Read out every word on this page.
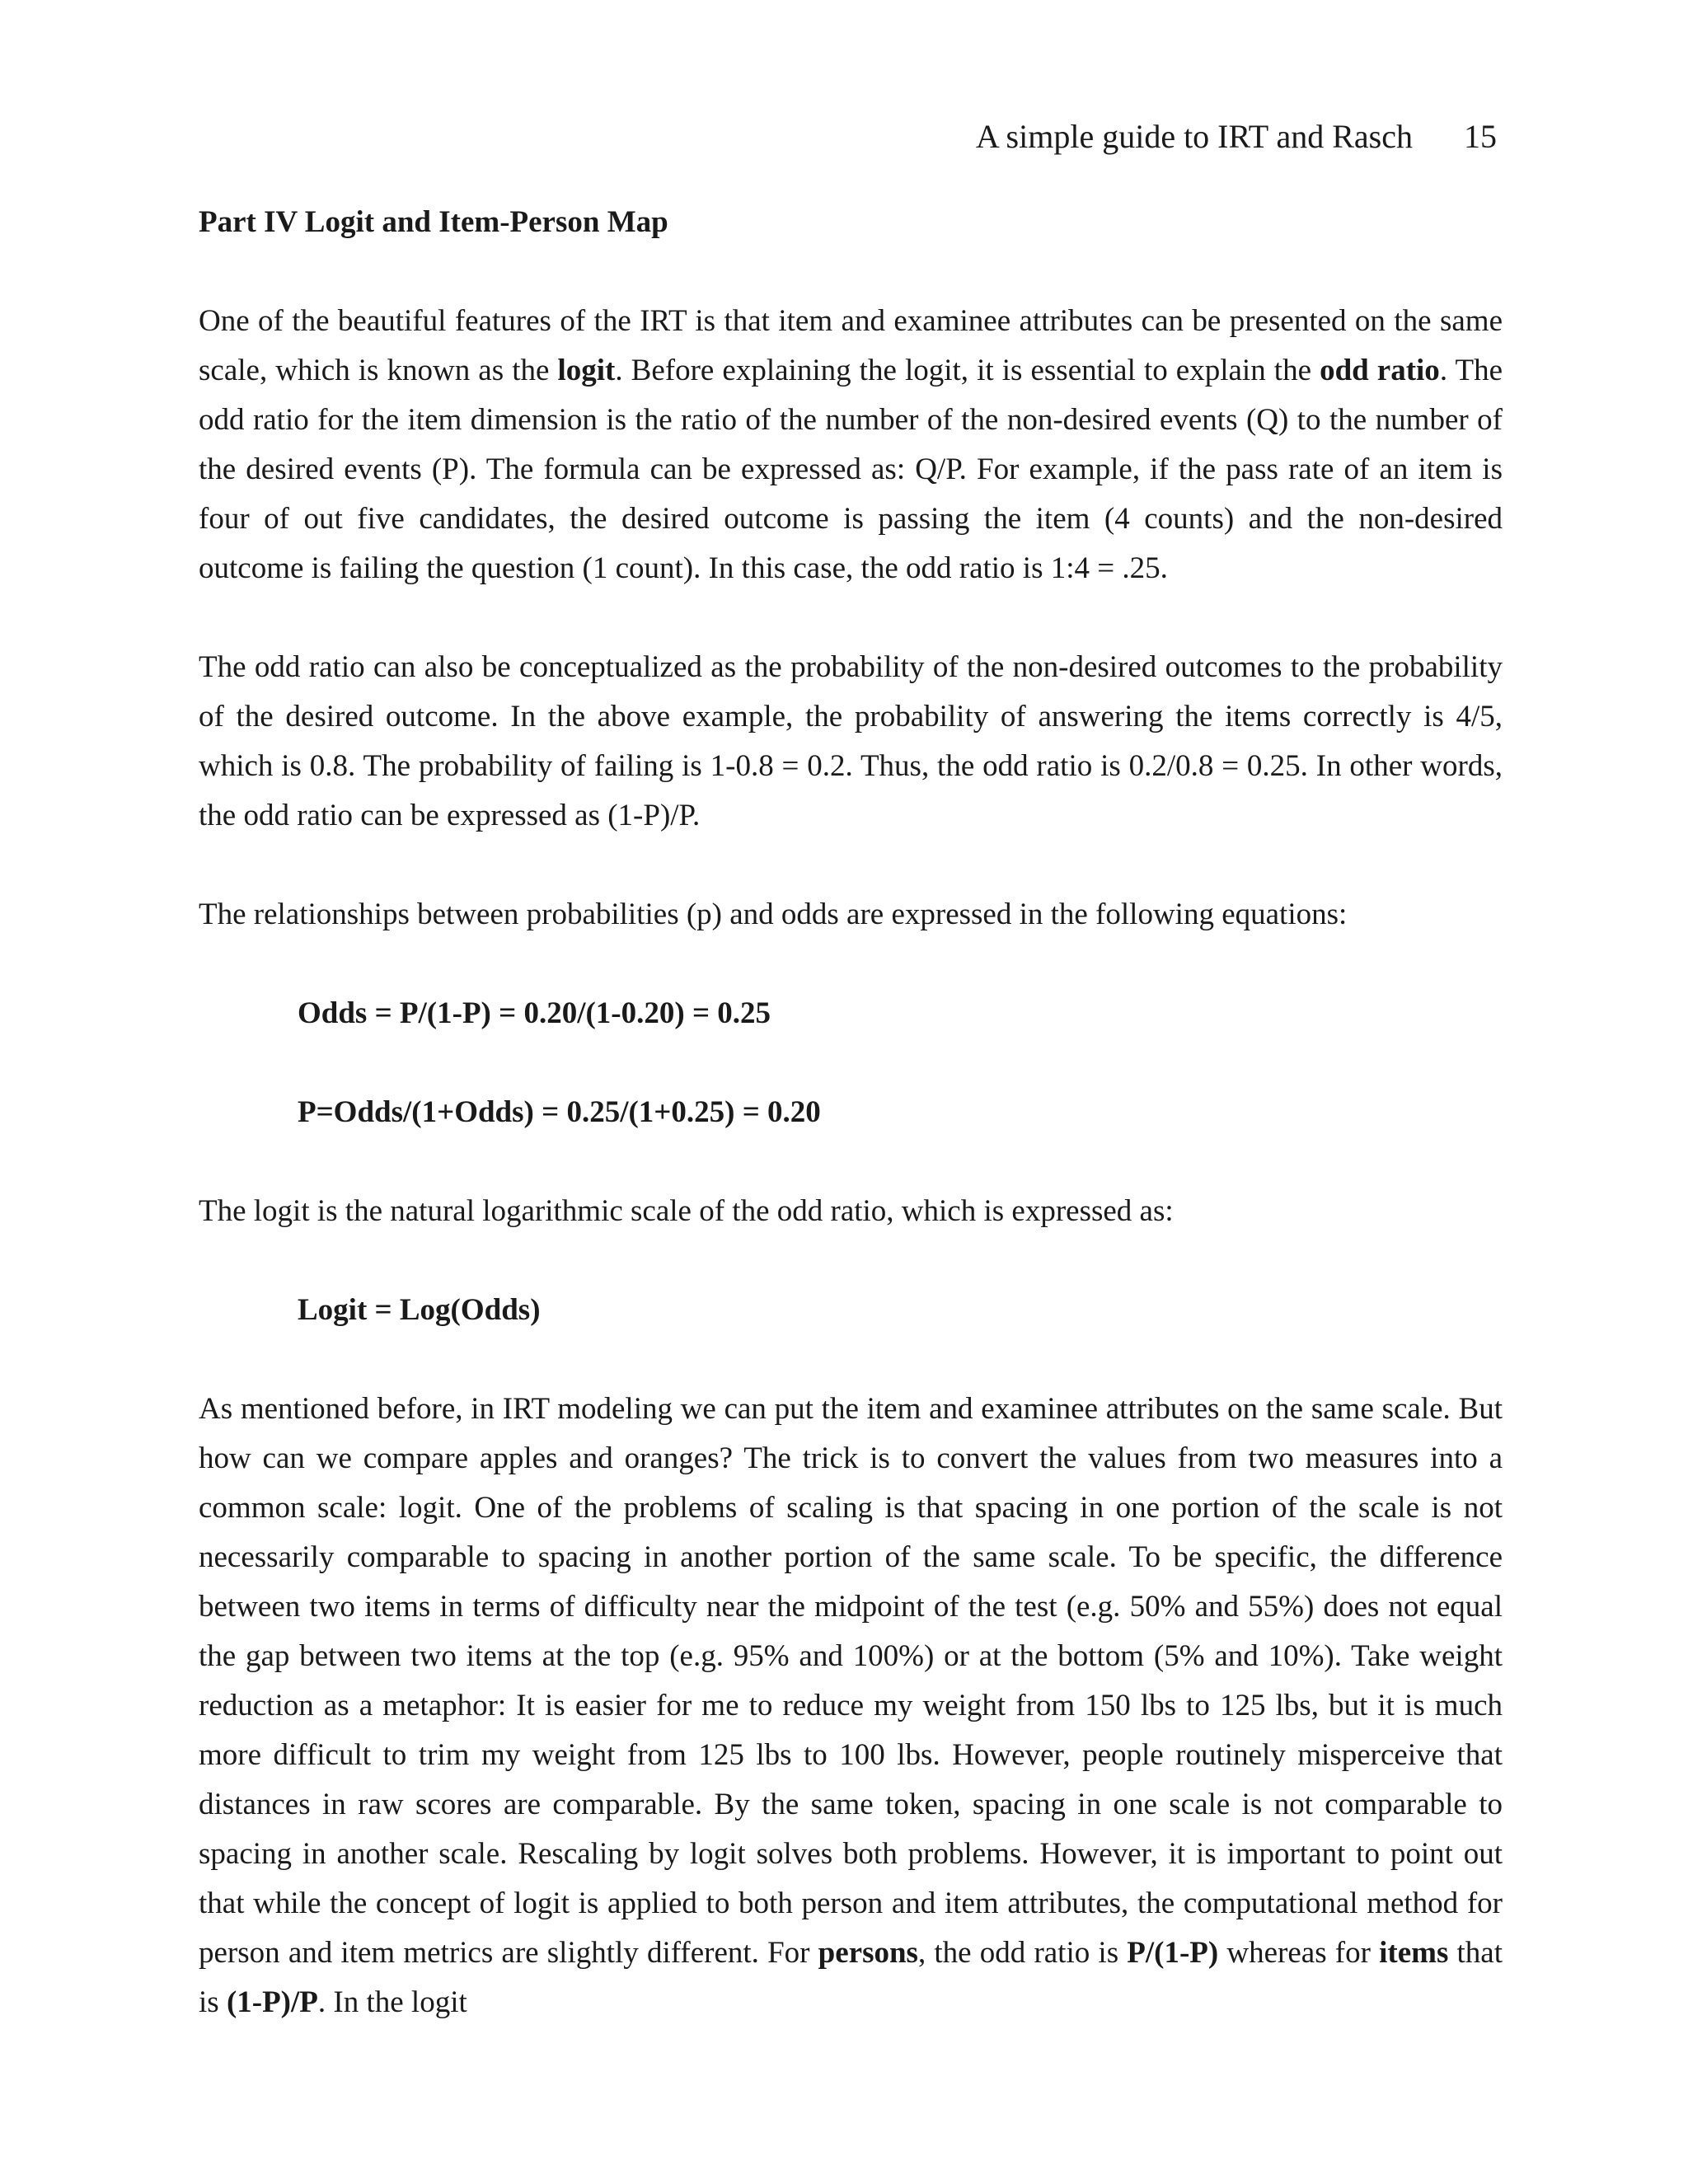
A simple guide to IRT and Rasch 15
Part IV Logit and Item-Person Map

One of the beautiful features of the IRT is that item and examinee attributes can be presented on the same scale, which is known as the logit. Before explaining the logit, it is essential to explain the odd ratio. The odd ratio for the item dimension is the ratio of the number of the non-desired events (Q) to the number of the desired events (P). The formula can be expressed as: Q/P. For example, if the pass rate of an item is four of out five candidates, the desired outcome is passing the item (4 counts) and the non-desired outcome is failing the question (1 count). In this case, the odd ratio is 1:4 = .25.

The odd ratio can also be conceptualized as the probability of the non-desired outcomes to the probability of the desired outcome. In the above example, the probability of answering the items correctly is 4/5, which is 0.8. The probability of failing is 1-0.8 = 0.2. Thus, the odd ratio is 0.2/0.8 = 0.25. In other words, the odd ratio can be expressed as (1-P)/P.

The relationships between probabilities (p) and odds are expressed in the following equations:

Odds = P/(1-P) = 0.20/(1-0.20) = 0.25
P=Odds/(1+Odds) = 0.25/(1+0.25) = 0.20

The logit is the natural logarithmic scale of the odd ratio, which is expressed as:

Logit = Log(Odds)

As mentioned before, in IRT modeling we can put the item and examinee attributes on the same scale. But how can we compare apples and oranges? The trick is to convert the values from two measures into a common scale: logit. One of the problems of scaling is that spacing in one portion of the scale is not necessarily comparable to spacing in another portion of the same scale. To be specific, the difference between two items in terms of difficulty near the midpoint of the test (e.g. 50% and 55%) does not equal the gap between two items at the top (e.g. 95% and 100%) or at the bottom (5% and 10%). Take weight reduction as a metaphor: It is easier for me to reduce my weight from 150 lbs to 125 lbs, but it is much more difficult to trim my weight from 125 lbs to 100 lbs. However, people routinely misperceive that distances in raw scores are comparable. By the same token, spacing in one scale is not comparable to spacing in another scale. Rescaling by logit solves both problems. However, it is important to point out that while the concept of logit is applied to both person and item attributes, the computational method for person and item metrics are slightly different. For persons, the odd ratio is P/(1-P) whereas for items that is (1-P)/P. In the logit
